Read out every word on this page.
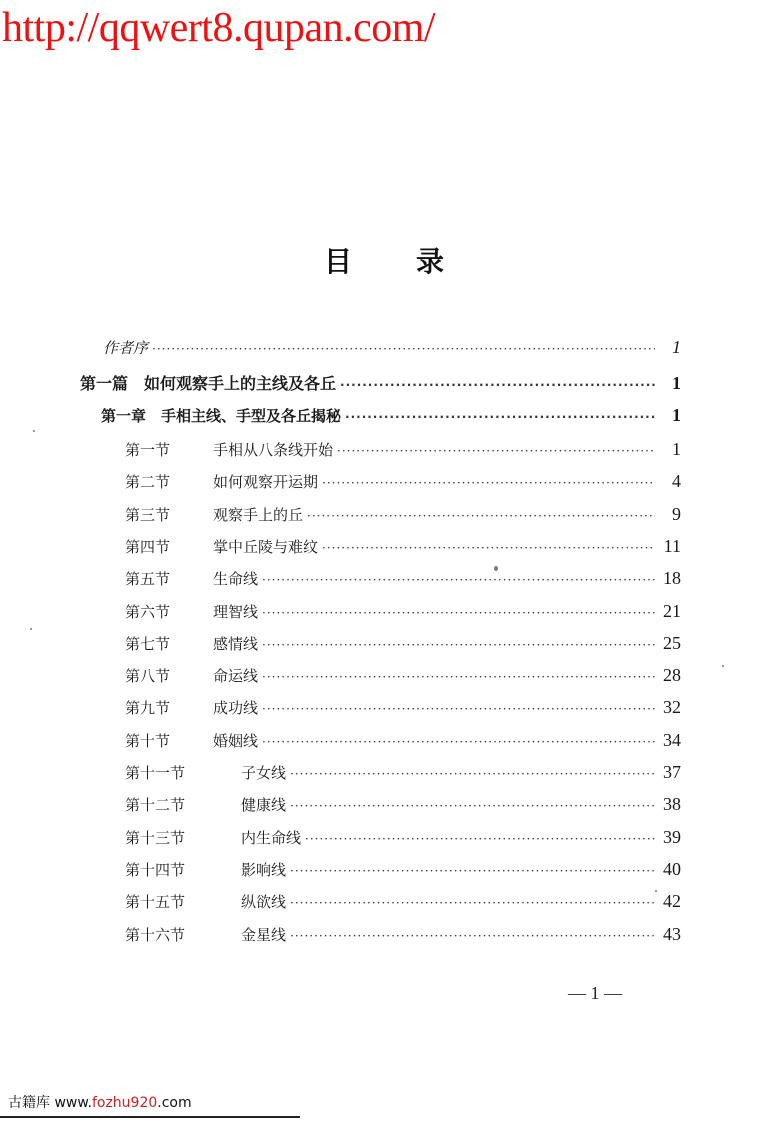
http://qqwert8.qupan.com/
目 录
作者序 ·····	1
第一篇　如何观察手上的主线及各丘 ·····	1
第一章　手相主线、手型及各丘揭秘 ·····	1
第一节	手相从八条线开始 ·····	1
第二节	如何观察开运期 ·····	4
第三节	观察手上的丘 ·····	9
第四节	掌中丘陵与难纹 ·····	11
第五节	生命线 ·····	18
第六节	理智线 ·····	21
第七节	感情线 ·····	25
第八节	命运线 ·····	28
第九节	成功线 ·····	32
第十节	婚姻线 ·····	34
第十一节	子女线 ·····	37
第十二节	健康线 ·····	38
第十三节	内生命线 ·····	39
第十四节	影响线 ·····	40
第十五节	纵欲线 ·····	42
第十六节	金星线 ·····	43
— 1 —
古籍库 www.fozhu920.com
